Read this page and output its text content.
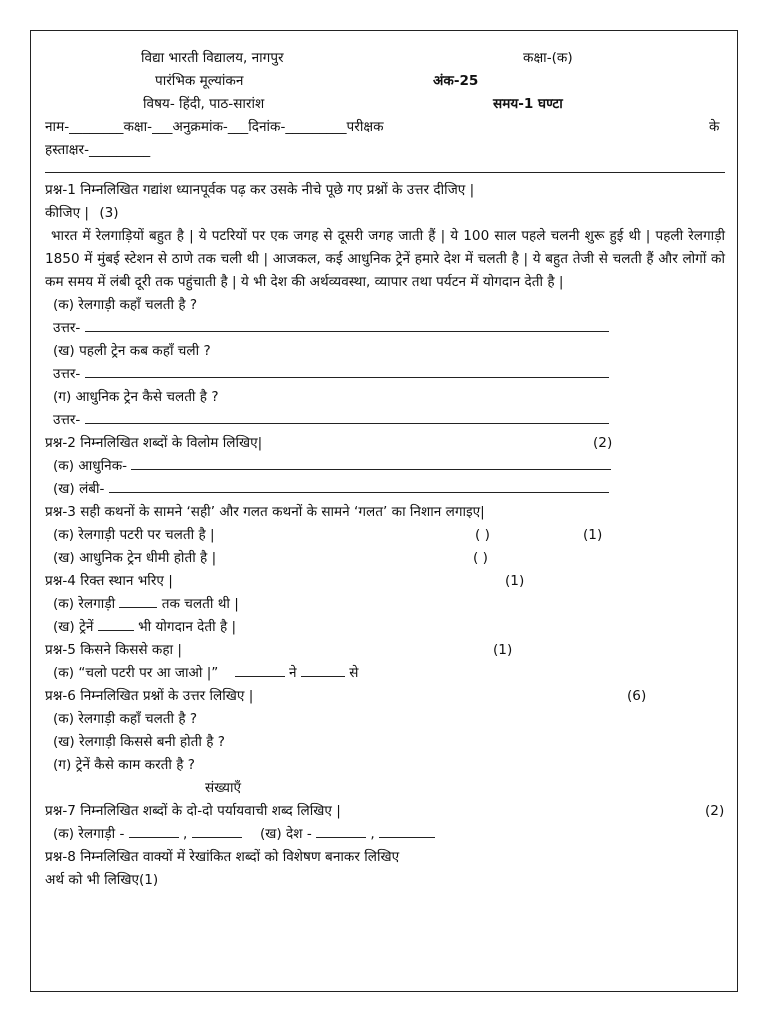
विद्या भारती विद्यालय, नागपुर	कक्षा-(क)
पारंभिक मूल्यांकन	अंक-25
विषय- हिंदी, पाठ-सारांश	समय-1 घण्टा
नाम-________कक्षा-___अनुक्रमांक-___दिनांक-_________परीक्षक	के
हस्ताक्षर-_________
प्रश्न-1 निम्नलिखित गद्यांश ध्यानपूर्वक पढ़ कर उसके नीचे पूछे गए प्रश्नों के उत्तर दीजिए |
कीजिए | (3)
भारत में रेलगाड़ियों बहुत है | ये पटरियों पर एक जगह से दूसरी जगह जाती हैं | ये 100 साल पहले चलनी शुरू हुई थी | पहली रेलगाड़ी 1850 में मुंबई स्टेशन से ठाणे तक चली थी | आजकल, कई आधुनिक ट्रेनें हमारे देश में चलती है | ये बहुत तेजी से चलती हैं और लोगों को कम समय में लंबी दूरी तक पहुंचाती है | ये भी देश की अर्थव्यवस्था, व्यापार तथा पर्यटन में योगदान देती है |
(क) रेलगाड़ी कहाँ चलती है ?
उत्तर-
(ख) पहली ट्रेन कब कहाँ चली ?
उत्तर-
(ग) आधुनिक ट्रेन कैसे चलती है ?
उत्तर-
प्रश्न-2 निम्नलिखित शब्दों के विलोम लिखिए|	(2)
(क) आधुनिक-
(ख) लंबी-
प्रश्न-3 सही कथनों के सामने ‘सही’ और गलत कथनों के सामने ‘गलत’ का निशान लगाइए|
(क) रेलगाड़ी पटरी पर चलती है |	( )	(1)
(ख) आधुनिक ट्रेन धीमी होती है |	( )
प्रश्न-4 रिक्त स्थान भरिए |	(1)
(क) रेलगाड़ी	तक चलती थी |
(ख) ट्रेनें	भी योगदान देती है |
प्रश्न-5 किसने किससे कहा |	(1)
(क) “चलो पटरी पर आ जाओ |”	ने	से
प्रश्न-6 निम्नलिखित प्रश्नों के उत्तर लिखिए |	(6)
(क) रेलगाड़ी कहाँ चलती है ?
(ख) रेलगाड़ी किससे बनी होती है ?
(ग) ट्रेनें कैसे काम करती है ?
संख्याएँ
प्रश्न-7 निम्नलिखित शब्दों के दो-दो पर्यायवाची शब्द लिखिए |	(2)
(क) रेलगाड़ी -	,	(ख) देश -	,
प्रश्न-8 निम्नलिखित वाक्यों में रेखांकित शब्दों को विशेषण बनाकर लिखिए
अर्थ को भी लिखिए(1)
